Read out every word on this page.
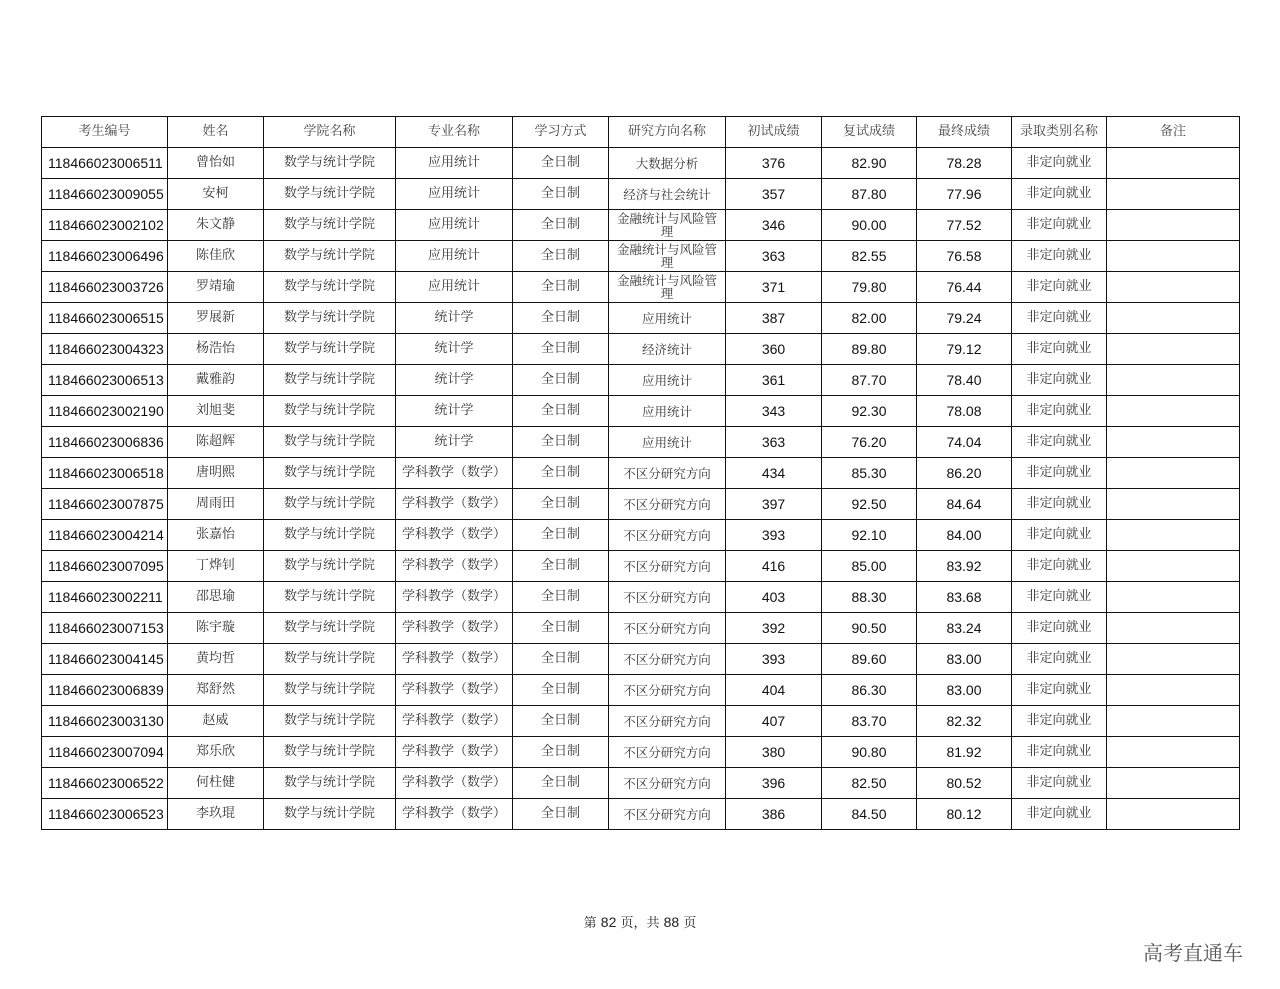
考生编号	姓名	学院名称	专业名称	学习方式	研究方向名称	初试成绩	复试成绩	最终成绩	录取类别名称	备注
118466023006511	曾怡如	数学与统计学院	应用统计	全日制	大数据分析	376	82.90	78.28	非定向就业	
118466023009055	安柯	数学与统计学院	应用统计	全日制	经济与社会统计	357	87.80	77.96	非定向就业	
118466023002102	朱文静	数学与统计学院	应用统计	全日制	金融统计与风险管理	346	90.00	77.52	非定向就业	
118466023006496	陈佳欣	数学与统计学院	应用统计	全日制	金融统计与风险管理	363	82.55	76.58	非定向就业	
118466023003726	罗靖瑜	数学与统计学院	应用统计	全日制	金融统计与风险管理	371	79.80	76.44	非定向就业	
118466023006515	罗展新	数学与统计学院	统计学	全日制	应用统计	387	82.00	79.24	非定向就业	
118466023004323	杨浩怡	数学与统计学院	统计学	全日制	经济统计	360	89.80	79.12	非定向就业	
118466023006513	戴雅韵	数学与统计学院	统计学	全日制	应用统计	361	87.70	78.40	非定向就业	
118466023002190	刘旭斐	数学与统计学院	统计学	全日制	应用统计	343	92.30	78.08	非定向就业	
118466023006836	陈超辉	数学与统计学院	统计学	全日制	应用统计	363	76.20	74.04	非定向就业	
118466023006518	唐明熙	数学与统计学院	学科教学（数学）	全日制	不区分研究方向	434	85.30	86.20	非定向就业	
118466023007875	周雨田	数学与统计学院	学科教学（数学）	全日制	不区分研究方向	397	92.50	84.64	非定向就业	
118466023004214	张嘉怡	数学与统计学院	学科教学（数学）	全日制	不区分研究方向	393	92.10	84.00	非定向就业	
118466023007095	丁烨钊	数学与统计学院	学科教学（数学）	全日制	不区分研究方向	416	85.00	83.92	非定向就业	
118466023002211	邵思瑜	数学与统计学院	学科教学（数学）	全日制	不区分研究方向	403	88.30	83.68	非定向就业	
118466023007153	陈宇璇	数学与统计学院	学科教学（数学）	全日制	不区分研究方向	392	90.50	83.24	非定向就业	
118466023004145	黄均哲	数学与统计学院	学科教学（数学）	全日制	不区分研究方向	393	89.60	83.00	非定向就业	
118466023006839	郑舒然	数学与统计学院	学科教学（数学）	全日制	不区分研究方向	404	86.30	83.00	非定向就业	
118466023003130	赵威	数学与统计学院	学科教学（数学）	全日制	不区分研究方向	407	83.70	82.32	非定向就业	
118466023007094	郑乐欣	数学与统计学院	学科教学（数学）	全日制	不区分研究方向	380	90.80	81.92	非定向就业	
118466023006522	何柱健	数学与统计学院	学科教学（数学）	全日制	不区分研究方向	396	82.50	80.52	非定向就业	
118466023006523	李玖琨	数学与统计学院	学科教学（数学）	全日制	不区分研究方向	386	84.50	80.12	非定向就业	
第 82 页，共 88 页
高考直通车
